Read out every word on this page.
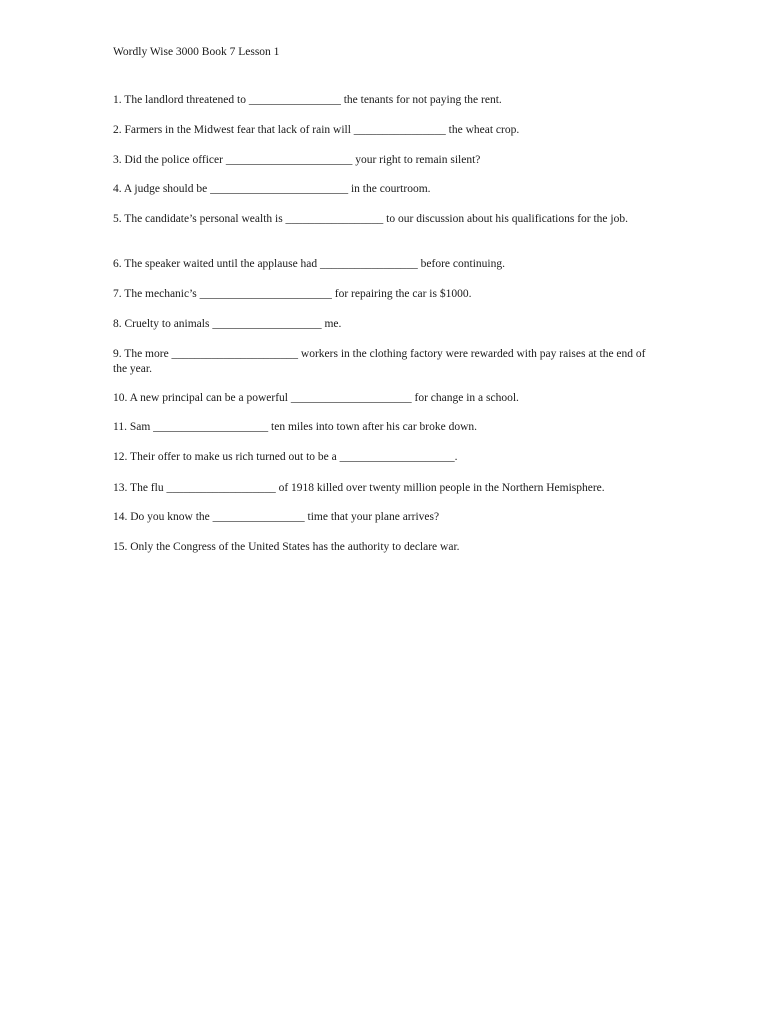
Wordly Wise 3000 Book 7 Lesson 1
1. The landlord threatened to ________________ the tenants for not paying the rent.
2. Farmers in the Midwest fear that lack of rain will ________________ the wheat crop.
3. Did the police officer ______________________ your right to remain silent?
4. A judge should be ________________________ in the courtroom.
5. The candidate’s personal wealth is _________________ to our discussion about his qualifications for the job.
6. The speaker waited until the applause had _________________ before continuing.
7. The mechanic’s _______________________ for repairing the car is $1000.
8. Cruelty to animals ___________________ me.
9. The more ______________________ workers in the clothing factory were rewarded with pay raises at the end of the year.
10. A new principal can be a powerful _____________________ for change in a school.
11. Sam ____________________ ten miles into town after his car broke down.
12. Their offer to make us rich turned out to be a ____________________.
13. The flu ___________________ of 1918 killed over twenty million people in the Northern Hemisphere.
14. Do you know the ________________ time that your plane arrives?
15. Only the Congress of the United States has the authority to declare war.
